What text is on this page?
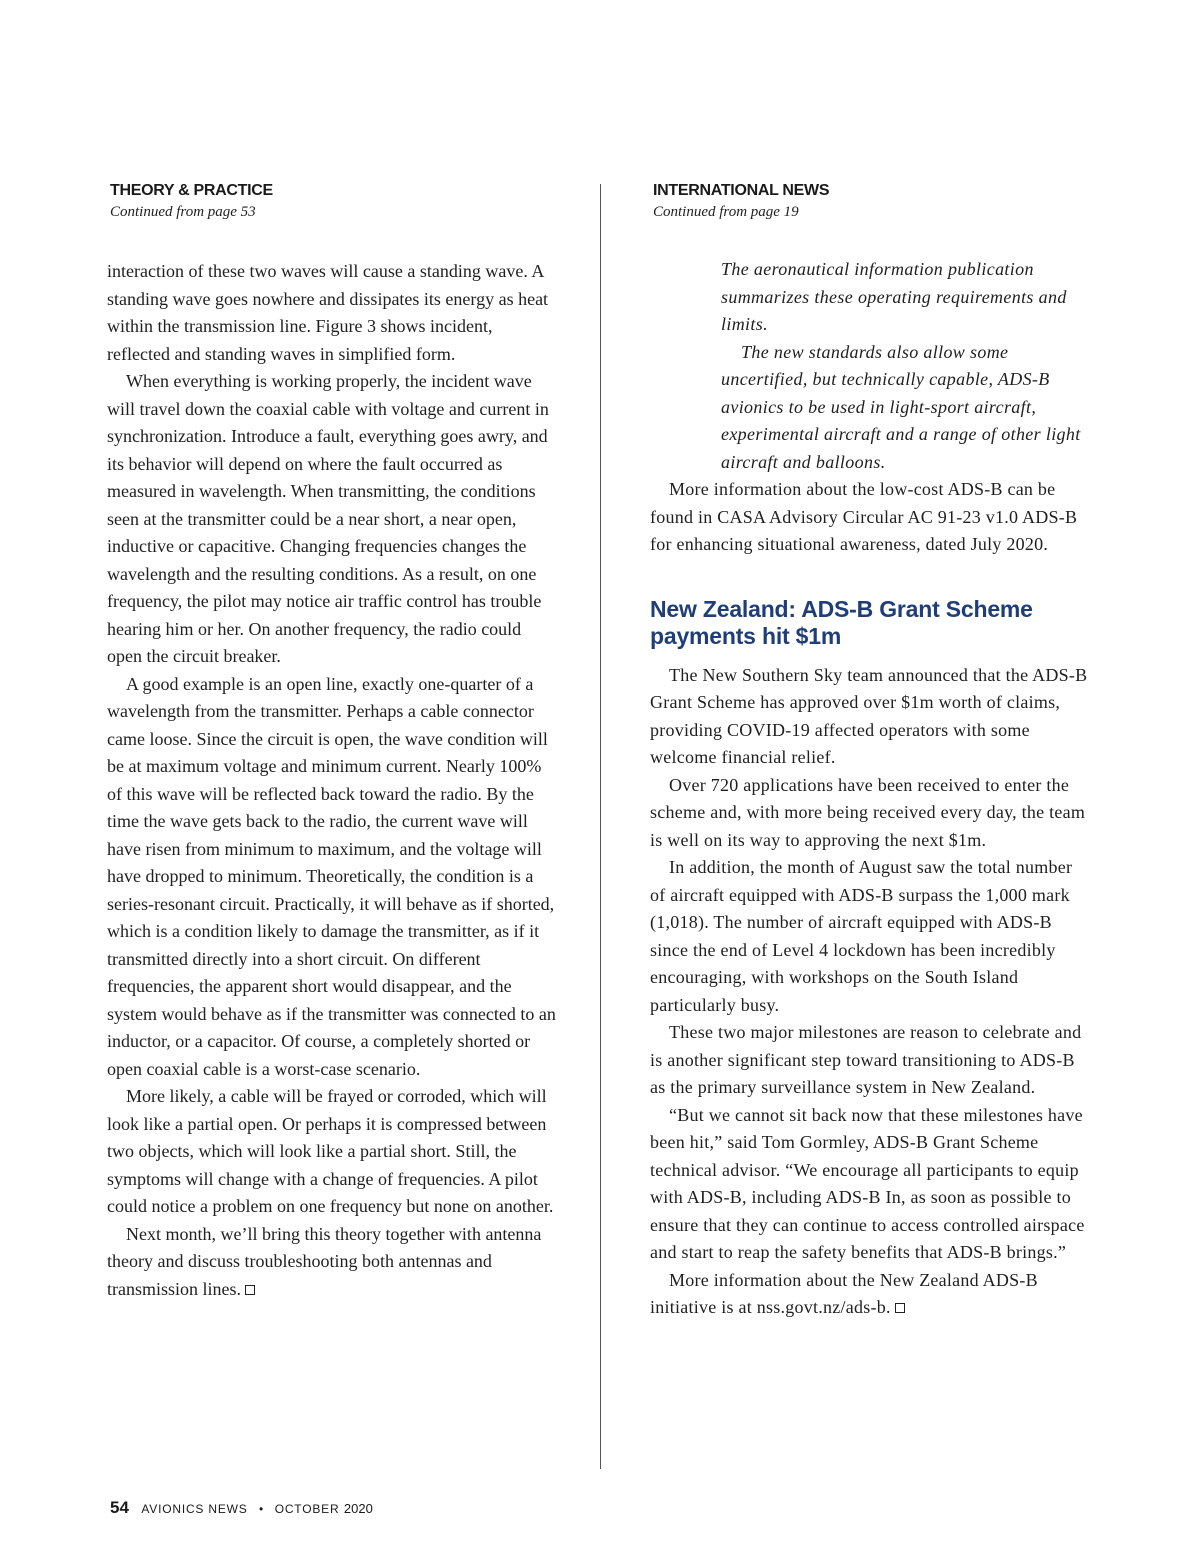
THEORY & PRACTICE
Continued from page 53

interaction of these two waves will cause a standing wave. A standing wave goes nowhere and dissipates its energy as heat within the transmission line. Figure 3 shows incident, reflected and standing waves in simplified form.

When everything is working properly, the incident wave will travel down the coaxial cable with voltage and current in synchronization. Introduce a fault, everything goes awry, and its behavior will depend on where the fault occurred as measured in wavelength. When transmitting, the conditions seen at the transmitter could be a near short, a near open, inductive or capacitive. Changing frequencies changes the wavelength and the resulting conditions. As a result, on one frequency, the pilot may notice air traffic control has trouble hearing him or her. On another frequency, the radio could open the circuit breaker.

A good example is an open line, exactly one-quarter of a wavelength from the transmitter. Perhaps a cable connector came loose. Since the circuit is open, the wave condition will be at maximum voltage and minimum current. Nearly 100% of this wave will be reflected back toward the radio. By the time the wave gets back to the radio, the current wave will have risen from minimum to maximum, and the voltage will have dropped to minimum. Theoretically, the condition is a series-resonant circuit. Practically, it will behave as if shorted, which is a condition likely to damage the transmitter, as if it transmitted directly into a short circuit. On different frequencies, the apparent short would disappear, and the system would behave as if the transmitter was connected to an inductor, or a capacitor. Of course, a completely shorted or open coaxial cable is a worst-case scenario.

More likely, a cable will be frayed or corroded, which will look like a partial open. Or perhaps it is compressed between two objects, which will look like a partial short. Still, the symptoms will change with a change of frequencies. A pilot could notice a problem on one frequency but none on another.

Next month, we’ll bring this theory together with antenna theory and discuss troubleshooting both antennas and transmission lines.

INTERNATIONAL NEWS
Continued from page 19

The aeronautical information publication summarizes these operating requirements and limits.

The new standards also allow some uncertified, but technically capable, ADS-B avionics to be used in light-sport aircraft, experimental aircraft and a range of other light aircraft and balloons.

More information about the low-cost ADS-B can be found in CASA Advisory Circular AC 91-23 v1.0 ADS-B for enhancing situational awareness, dated July 2020.

New Zealand: ADS-B Grant Scheme payments hit $1m

The New Southern Sky team announced that the ADS-B Grant Scheme has approved over $1m worth of claims, providing COVID-19 affected operators with some welcome financial relief.

Over 720 applications have been received to enter the scheme and, with more being received every day, the team is well on its way to approving the next $1m.

In addition, the month of August saw the total number of aircraft equipped with ADS-B surpass the 1,000 mark (1,018). The number of aircraft equipped with ADS-B since the end of Level 4 lockdown has been incredibly encouraging, with workshops on the South Island particularly busy.

These two major milestones are reason to celebrate and is another significant step toward transitioning to ADS-B as the primary surveillance system in New Zealand.

“But we cannot sit back now that these milestones have been hit,” said Tom Gormley, ADS-B Grant Scheme technical advisor. “We encourage all participants to equip with ADS-B, including ADS-B In, as soon as possible to ensure that they can continue to access controlled airspace and start to reap the safety benefits that ADS-B brings.”

More information about the New Zealand ADS-B initiative is at nss.govt.nz/ads-b.

54 AVIONICS NEWS • OCTOBER 2020
